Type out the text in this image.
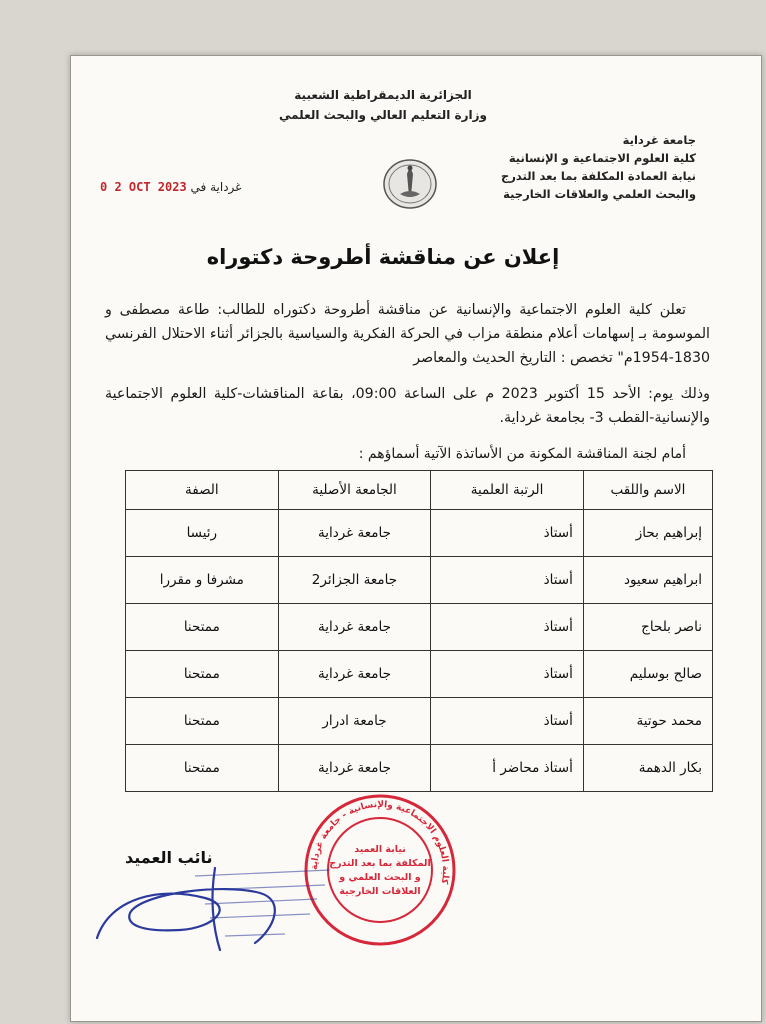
الجزائرية الديمقراطية الشعبية
وزارة التعليم العالي والبحث العلمي
جامعة غرداية
كلية العلوم الاجتماعية و الإنسانية
نيابة العمادة المكلفة بما بعد التدرج
والبحث العلمي والعلاقات الخارجية
غرداية في 0 2 OCT 2023
إعلان عن مناقشة أطروحة دكتوراه
تعلن كلية العلوم الاجتماعية والإنسانية عن مناقشة أطروحة دكتوراه للطالب: طاعة مصطفى و الموسومة بـ إسهامات أعلام منطقة مزاب في الحركة الفكرية والسياسية بالجزائر أثناء الاحتلال الفرنسي 1830-1954م" تخصص : التاريخ الحديث والمعاصر
وذلك يوم: الأحد 15 أكتوبر 2023 م على الساعة 09:00، بقاعة المناقشات-كلية العلوم الاجتماعية والإنسانية-القطب 3- بجامعة غرداية.
أمام لجنة المناقشة المكونة من الأساتذة الآتية أسماؤهم :
الاسم واللقب	الرتبة العلمية	الجامعة الأصلية	الصفة
إبراهيم بحاز	أستاذ	جامعة غرداية	رئيسا
ابراهيم سعيود	أستاذ	جامعة الجزائر2	مشرفا و مقررا
ناصر بلحاج	أستاذ	جامعة غرداية	ممتحنا
صالح بوسليم	أستاذ	جامعة غرداية	ممتحنا
محمد حوتية	أستاذ	جامعة ادرار	ممتحنا
بكار الدهمة	أستاذ محاضر أ	جامعة غرداية	ممتحنا
نائب العميد
كلية العلوم الاجتماعية والإنسانية - جامعة غرداية
نيابة العميد
المكلفة بما بعد التدرج
و البحث العلمي و
العلاقات الخارجية
